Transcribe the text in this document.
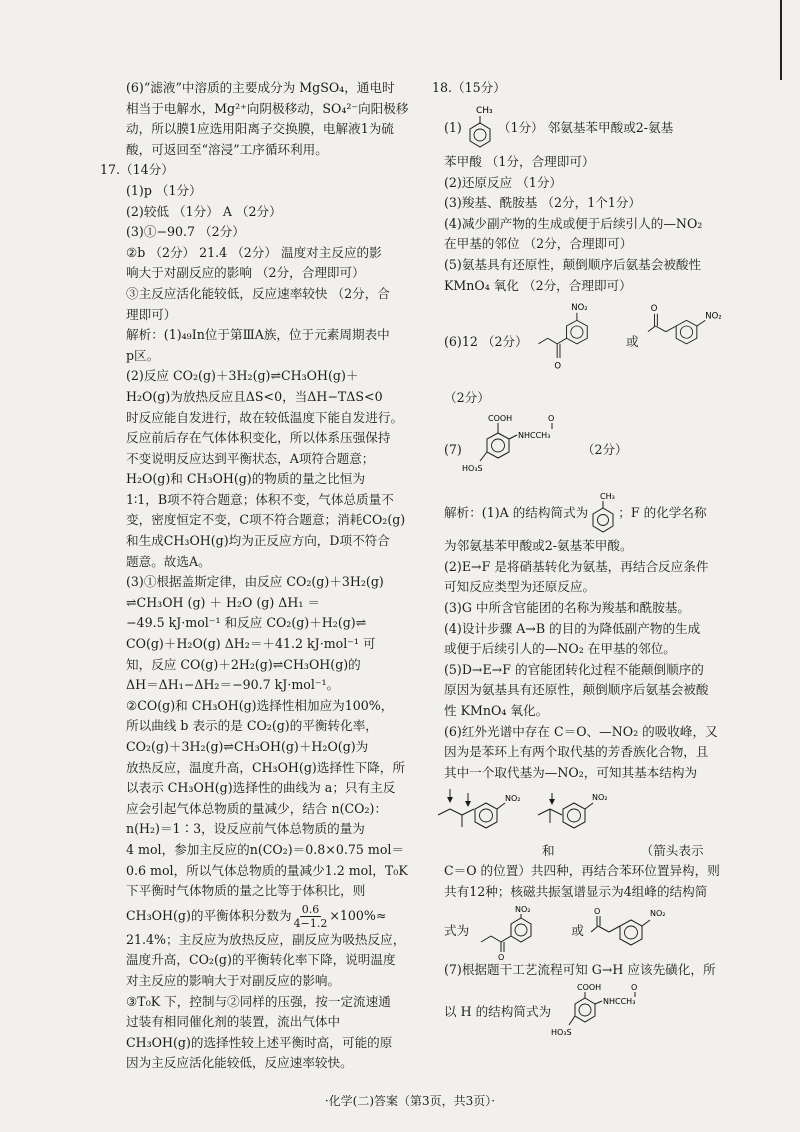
(6)“滤液”中溶质的主要成分为 MgSO₄，通电时
相当于电解水，Mg²⁺向阴极移动，SO₄²⁻向阳极移
动，所以膜1应选用阳离子交换膜，电解液1为硫
酸，可返回至“溶浸”工序循环利用。
17.（14分）
(1)p （1分）
(2)较低 （1分） A （2分）
(3)①−90.7 （2分）
②b （2分） 21.4 （2分） 温度对主反应的影
响大于对副反应的影响 （2分，合理即可）
③主反应活化能较低，反应速率较快 （2分，合
理即可）
解析：(1)₄₉In位于第ⅢA族，位于元素周期表中
p区。
(2)反应 CO₂(g)＋3H₂(g)⇌CH₃OH(g)＋
H₂O(g)为放热反应且ΔS<0，当ΔH−TΔS<0
时反应能自发进行，故在较低温度下能自发进行。
反应前后存在气体体积变化，所以体系压强保持
不变说明反应达到平衡状态，A项符合题意；
H₂O(g)和 CH₃OH(g)的物质的量之比恒为
1∶1，B项不符合题意；体积不变，气体总质量不
变，密度恒定不变，C项不符合题意；消耗CO₂(g)
和生成CH₃OH(g)均为正反应方向，D项不符合
题意。故选A。
(3)①根据盖斯定律，由反应 CO₂(g)＋3H₂(g)
⇌CH₃OH (g) ＋ H₂O (g) ΔH₁ ＝
−49.5 kJ·mol⁻¹ 和反应 CO₂(g)＋H₂(g)⇌
CO(g)＋H₂O(g) ΔH₂＝＋41.2 kJ·mol⁻¹ 可
知，反应 CO(g)＋2H₂(g)⇌CH₃OH(g)的
ΔH＝ΔH₁−ΔH₂＝−90.7 kJ·mol⁻¹。
②CO(g)和 CH₃OH(g)选择性相加应为100%，
所以曲线 b 表示的是 CO₂(g)的平衡转化率，
CO₂(g)＋3H₂(g)⇌CH₃OH(g)＋H₂O(g)为
放热反应，温度升高，CH₃OH(g)选择性下降，所
以表示 CH₃OH(g)选择性的曲线为 a；只有主反
应会引起气体总物质的量减少，结合 n(CO₂)：
n(H₂)＝1∶3，设反应前气体总物质的量为
4 mol，参加主反应的n(CO₂)＝0.8×0.75 mol＝
0.6 mol，所以气体总物质的量减少1.2 mol，T₀K
下平衡时气体物质的量之比等于体积比，则
CH₃OH(g)的平衡体积分数为 $\frac{0.6}{4-1.2} \times 100\%\approx$
21.4%；主反应为放热反应，副反应为吸热反应，
温度升高，CO₂(g)的平衡转化率下降，说明温度
对主反应的影响大于对副反应的影响。
③T₀K 下，控制与②同样的压强，按一定流速通
过装有相同催化剂的装置，流出气体中
CH₃OH(g)的选择性较上述平衡时高，可能的原
因为主反应活化能较低，反应速率较快。
18.（15分）
(1)
CH₃
（1分） 邻氨基苯甲酸或2-氨基
苯甲酸 （1分，合理即可）
(2)还原反应 （1分）
(3)羧基、酰胺基 （2分，1个1分）
(4)减少副产物的生成或便于后续引人的—NO₂
在甲基的邻位 （2分，合理即可）
(5)氨基具有还原性，颠倒顺序后氨基会被酸性
KMnO₄ 氧化 （2分，合理即可）
(6)12 （2分）
NO₂
O
或
O
NO₂
（2分）
(7)
COOH	O
NHCCH₃
HO₃S
（2分）
解析：(1)A 的结构简式为
CH₃
；F 的化学名称
为邻氨基苯甲酸或2-氨基苯甲酸。
(2)E→F 是将硝基转化为氨基，再结合反应条件
可知反应类型为还原反应。
(3)G 中所含官能团的名称为羧基和酰胺基。
(4)设计步骤 A→B 的目的为降低副产物的生成
或便于后续引人的—NO₂ 在甲基的邻位。
(5)D→E→F 的官能团转化过程不能颠倒顺序的
原因为氨基具有还原性，颠倒顺序后氨基会被酸
性 KMnO₄ 氧化。
(6)红外光谱中存在 C＝O、—NO₂ 的吸收峰，又
因为是苯环上有两个取代基的芳香族化合物，且
其中一个取代基为—NO₂，可知其基本结构为
NO₂	NO₂
和	（箭头表示
C＝O 的位置）共四种，再结合苯环位置异构，则
共有12种；核磁共振氢谱显示为4组峰的结构简
式为
NO₂
O
或
O	NO₂
(7)根据题干工艺流程可知 G→H 应该先磺化，所
以 H 的结构简式为
COOH	O
NHCCH₃
HO₃S
·化学(二)答案（第3页，共3页）·
